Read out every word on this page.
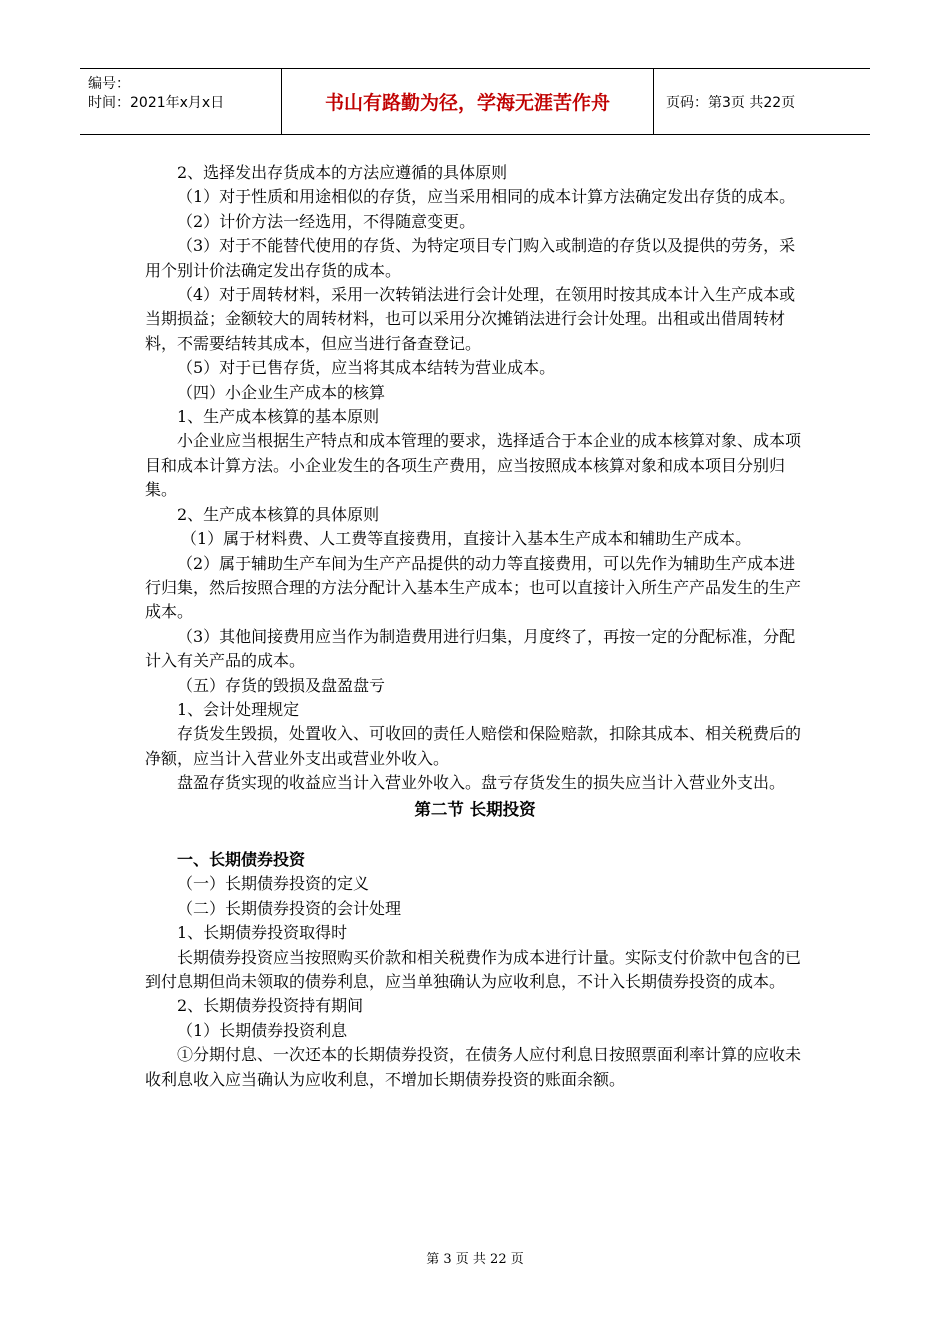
编号：
时间：2021年x月x日	书山有路勤为径，学海无涯苦作舟	页码：第3页 共22页

2、选择发出存货成本的方法应遵循的具体原则

（1）对于性质和用途相似的存货，应当采用相同的成本计算方法确定发出存货的成本。

（2）计价方法一经选用，不得随意变更。

（3）对于不能替代使用的存货、为特定项目专门购入或制造的存货以及提供的劳务，采用个别计价法确定发出存货的成本。

（4）对于周转材料，采用一次转销法进行会计处理，在领用时按其成本计入生产成本或当期损益；金额较大的周转材料，也可以采用分次摊销法进行会计处理。出租或出借周转材料，不需要结转其成本，但应当进行备查登记。

（5）对于已售存货，应当将其成本结转为营业成本。

（四）小企业生产成本的核算

1、生产成本核算的基本原则

小企业应当根据生产特点和成本管理的要求，选择适合于本企业的成本核算对象、成本项目和成本计算方法。小企业发生的各项生产费用，应当按照成本核算对象和成本项目分别归集。

2、生产成本核算的具体原则

（1）属于材料费、人工费等直接费用，直接计入基本生产成本和辅助生产成本。

（2）属于辅助生产车间为生产产品提供的动力等直接费用，可以先作为辅助生产成本进行归集，然后按照合理的方法分配计入基本生产成本；也可以直接计入所生产产品发生的生产成本。

（3）其他间接费用应当作为制造费用进行归集，月度终了，再按一定的分配标准，分配计入有关产品的成本。

（五）存货的毁损及盘盈盘亏

1、会计处理规定

存货发生毁损，处置收入、可收回的责任人赔偿和保险赔款，扣除其成本、相关税费后的净额，应当计入营业外支出或营业外收入。

盘盈存货实现的收益应当计入营业外收入。盘亏存货发生的损失应当计入营业外支出。

第二节 长期投资

一、长期债券投资

（一）长期债券投资的定义

（二）长期债券投资的会计处理

1、长期债券投资取得时

长期债券投资应当按照购买价款和相关税费作为成本进行计量。实际支付价款中包含的已到付息期但尚未领取的债券利息，应当单独确认为应收利息，不计入长期债券投资的成本。

2、长期债券投资持有期间

（1）长期债券投资利息

①分期付息、一次还本的长期债券投资，在债务人应付利息日按照票面利率计算的应收未收利息收入应当确认为应收利息，不增加长期债券投资的账面余额。

第 3 页 共 22 页
